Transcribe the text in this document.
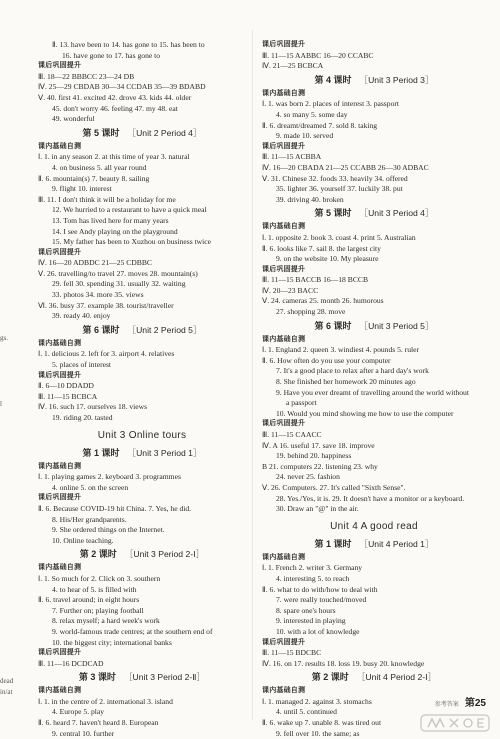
gs.
l
dead
in/at
Ⅱ. 13. have been to 14. has gone to 15. has been to
16. have gone to 17. has gone to
课后巩固提升
Ⅲ. 18—22 BBBCC 23—24 DB
Ⅳ. 25—29 CBDAB 30—34 CCDAB 35—39 BDABD
Ⅴ. 40. first 41. excited 42. drove 43. kids 44. older
45. don't worry 46. feeling 47. my 48. eat
49. wonderful
第 5 课时 ［Unit 2 Period 4］
课内基础自测
Ⅰ. 1. in any season 2. at this time of year 3. natural
4. on business 5. all year round
Ⅱ. 6. mountain(s) 7. beauty 8. sailing
9. flight 10. interest
Ⅲ. 11. I don't think it will be a holiday for me
12. We hurried to a restaurant to have a quick meal
13. Tom has lived here for many years
14. I see Andy playing on the playground
15. My father has been to Xuzhou on business twice
课后巩固提升
Ⅳ. 16—20 ADBDC 21—25 CDBBC
Ⅴ. 26. travelling/to travel 27. moves 28. mountain(s)
29. fell 30. spending 31. usually 32. waiting
33. photos 34. more 35. views
Ⅵ. 36. busy 37. example 38. tourist/traveller
39. ready 40. enjoy
第 6 课时 ［Unit 2 Period 5］
课内基础自测
Ⅰ. 1. delicious 2. left for 3. airport 4. relatives
5. places of interest
课后巩固提升
Ⅱ. 6—10 DDADD
Ⅲ. 11—15 BCBCA
Ⅳ. 16. such 17. ourselves 18. views
19. riding 20. tasted
Unit 3 Online tours
第 1 课时 ［Unit 3 Period 1］
课内基础自测
Ⅰ. 1. playing games 2. keyboard 3. programmes
4. online 5. on the screen
课后巩固提升
Ⅱ. 6. Because COVID-19 hit China. 7. Yes, he did.
8. His/Her grandparents.
9. She ordered things on the Internet.
10. Online teaching.
第 2 课时 ［Unit 3 Period 2-Ⅰ］
课内基础自测
Ⅰ. 1. So much for 2. Click on 3. southern
4. to hear of 5. is filled with
Ⅱ. 6. travel around; in eight hours
7. Further on; playing football
8. relax myself; a hard week's work
9. world-famous trade centres; at the southern end of
10. the biggest city; international banks
课后巩固提升
Ⅲ. 11—16 DCDCAD
第 3 课时 ［Unit 3 Period 2-Ⅱ］
课内基础自测
Ⅰ. 1. in the centre of 2. international 3. island
4. Europe 5. play
Ⅱ. 6. heard 7. haven't heard 8. European
9. central 10. further
课后巩固提升
Ⅲ. 11—15 AABBC 16—20 CCABC
Ⅳ. 21—25 BCBCA
第 4 课时 ［Unit 3 Period 3］
课内基础自测
Ⅰ. 1. was born 2. places of interest 3. passport
4. so many 5. some day
Ⅱ. 6. dreamt/dreamed 7. sold 8. taking
9. made 10. served
课后巩固提升
Ⅲ. 11—15 ACBBA
Ⅳ. 16—20 CBADA 21—25 CCABB 26—30 ADBAC
Ⅴ. 31. Chinese 32. foods 33. heavily 34. offered
35. lighter 36. yourself 37. luckily 38. put
39. driving 40. broken
第 5 课时 ［Unit 3 Period 4］
课内基础自测
Ⅰ. 1. opposite 2. book 3. coast 4. print 5. Australian
Ⅱ. 6. looks like 7. sail 8. the largest city
9. on the website 10. My pleasure
课后巩固提升
Ⅲ. 11—15 BACCB 16—18 BCCB
Ⅳ. 20—23 BACC
Ⅴ. 24. cameras 25. month 26. humorous
27. shopping 28. move
第 6 课时 ［Unit 3 Period 5］
课内基础自测
Ⅰ. 1. England 2. queen 3. windiest 4. pounds 5. ruler
Ⅱ. 6. How often do you use your computer
7. It's a good place to relax after a hard day's work
8. She finished her homework 20 minutes ago
9. Have you ever dreamt of travelling around the world without
a passport
10. Would you mind showing me how to use the computer
课后巩固提升
Ⅲ. 11—15 CAACC
Ⅳ. A 16. useful 17. save 18. improve
19. behind 20. happiness
B 21. computers 22. listening 23. why
24. never 25. fashion
Ⅴ. 26. Computers. 27. It's called "Sixth Sense".
28. Yes./Yes, it is. 29. It doesn't have a monitor or a keyboard.
30. Draw an "@" in the air.
Unit 4 A good read
第 1 课时 ［Unit 4 Period 1］
课内基础自测
Ⅰ. 1. French 2. writer 3. Germany
4. interesting 5. to reach
Ⅱ. 6. what to do with/how to deal with
7. were really touched/moved
8. spare one's hours
9. interested in playing
10. with a lot of knowledge
课后巩固提升
Ⅲ. 11—15 BDCBC
Ⅳ. 16. on 17. results 18. loss 19. busy 20. knowledge
第 2 课时 ［Unit 4 Period 2-Ⅰ］
课内基础自测
Ⅰ. 1. managed 2. against 3. stomachs
4. until 5. continued
Ⅱ. 6. wake up 7. unable 8. was tired out
9. fell over 10. the same; as
参考答案 第25
